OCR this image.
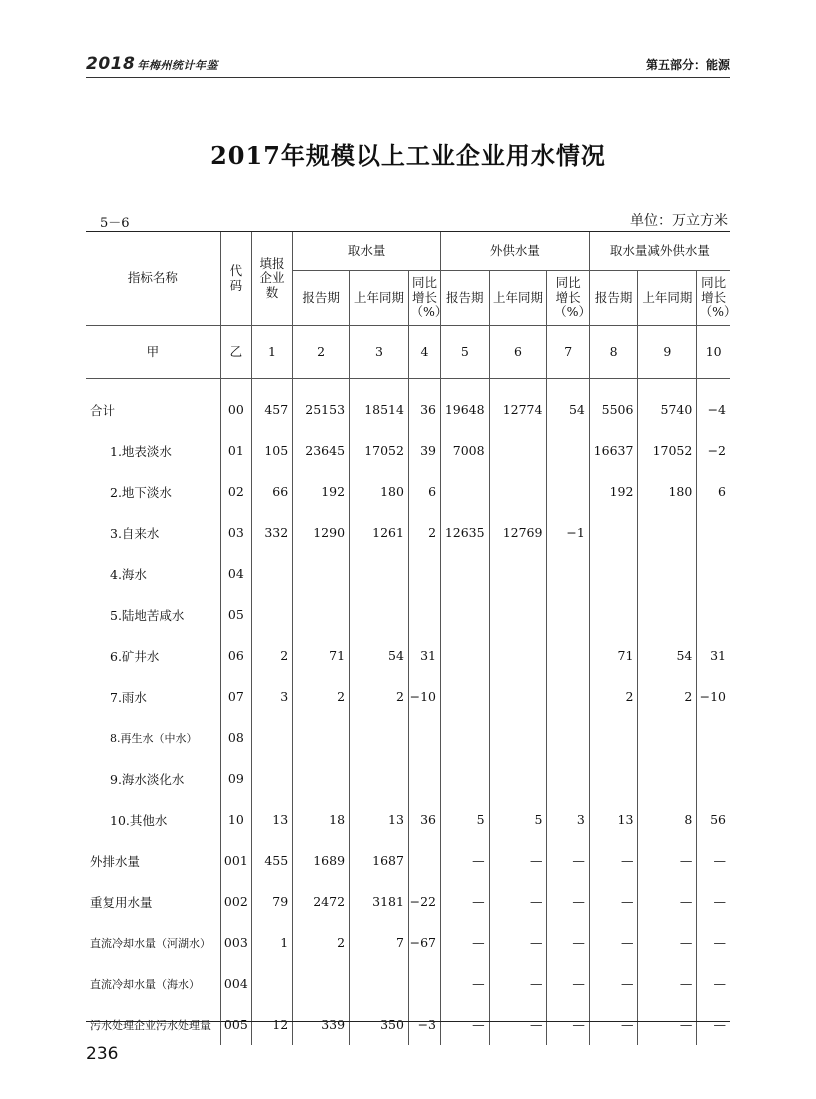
2018 年梅州统计年鉴	第五部分：能源
2017年规模以上工业企业用水情况
5－6	单位：万立方米
指标名称	代码	填报企业数	取水量			外供水量			取水量减外供水量		
			报告期	上年同期	同比增长（%）	报告期	上年同期	同比增长（%）	报告期	上年同期	同比增长（%）
甲	乙	1	2	3	4	5	6	7	8	9	10
合计	00	457	25153	18514	36	19648	12774	54	5506	5740	−4
1.地表淡水	01	105	23645	17052	39	7008			16637	17052	−2
2.地下淡水	02	66	192	180	6				192	180	6
3.自来水	03	332	1290	1261	2	12635	12769	−1			
4.海水	04										
5.陆地苦咸水	05										
6.矿井水	06	2	71	54	31				71	54	31
7.雨水	07	3	2	2	−10				2	2	−10
8.再生水（中水）	08										
9.海水淡化水	09										
10.其他水	10	13	18	13	36	5	5	3	13	8	56
外排水量	001	455	1689	1687		—	—	—	—	—	—
重复用水量	002	79	2472	3181	−22	—	—	—	—	—	—
直流冷却水量（河湖水）	003	1	2	7	−67	—	—	—	—	—	—
直流冷却水量（海水）	004					—	—	—	—	—	—
污水处理企业污水处理量	005	12	339	350	−3	—	—	—	—	—	—
236
